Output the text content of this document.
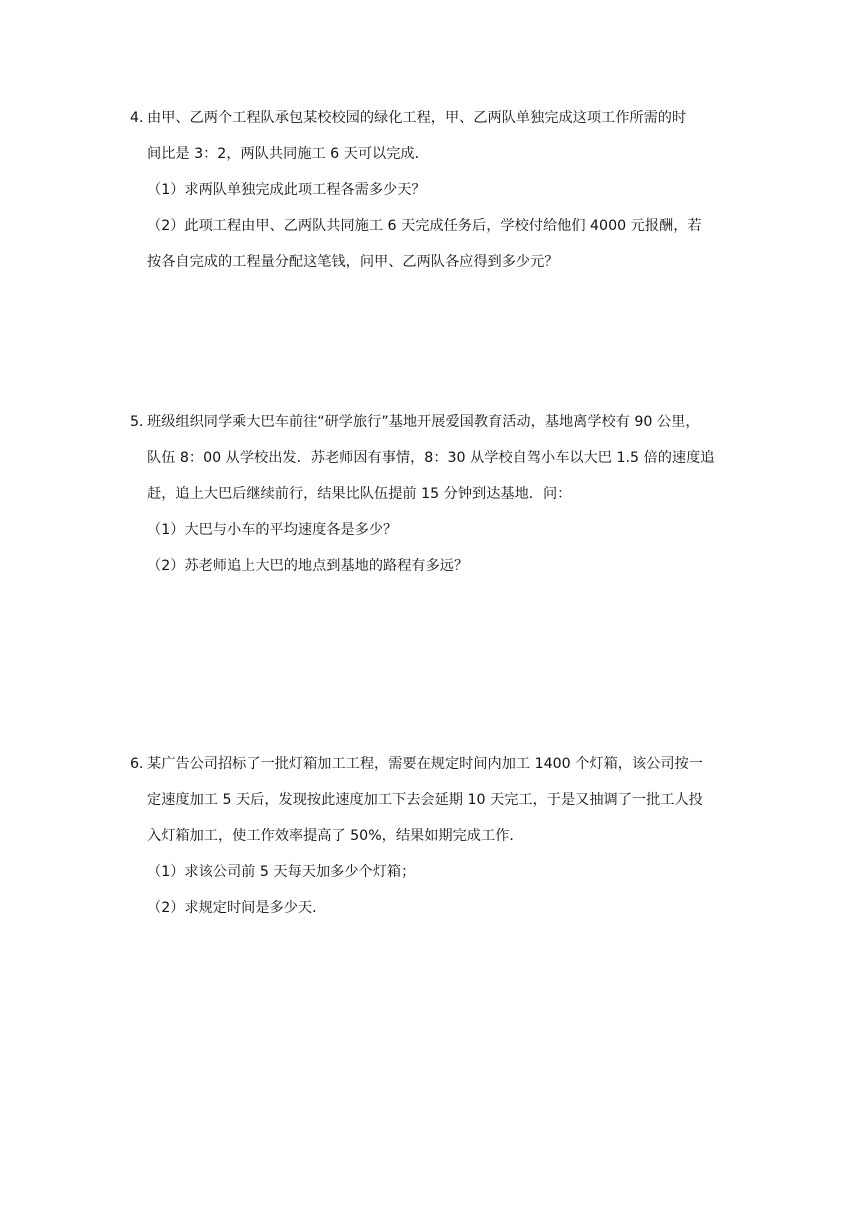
4．由甲、乙两个工程队承包某校校园的绿化工程，甲、乙两队单独完成这项工作所需的时

间比是 3：2，两队共同施工 6 天可以完成．

（1）求两队单独完成此项工程各需多少天？

（2）此项工程由甲、乙两队共同施工 6 天完成任务后，学校付给他们 4000 元报酬，若

按各自完成的工程量分配这笔钱，问甲、乙两队各应得到多少元？

5．班级组织同学乘大巴车前往“研学旅行”基地开展爱国教育活动，基地离学校有 90 公里，

队伍 8：00 从学校出发．苏老师因有事情，8：30 从学校自驾小车以大巴 1.5 倍的速度追

赶，追上大巴后继续前行，结果比队伍提前 15 分钟到达基地．问：

（1）大巴与小车的平均速度各是多少？

（2）苏老师追上大巴的地点到基地的路程有多远？

6．某广告公司招标了一批灯箱加工工程，需要在规定时间内加工 1400 个灯箱，该公司按一

定速度加工 5 天后，发现按此速度加工下去会延期 10 天完工，于是又抽调了一批工人投

入灯箱加工，使工作效率提高了 50%，结果如期完成工作．

（1）求该公司前 5 天每天加多少个灯箱；

（2）求规定时间是多少天．
